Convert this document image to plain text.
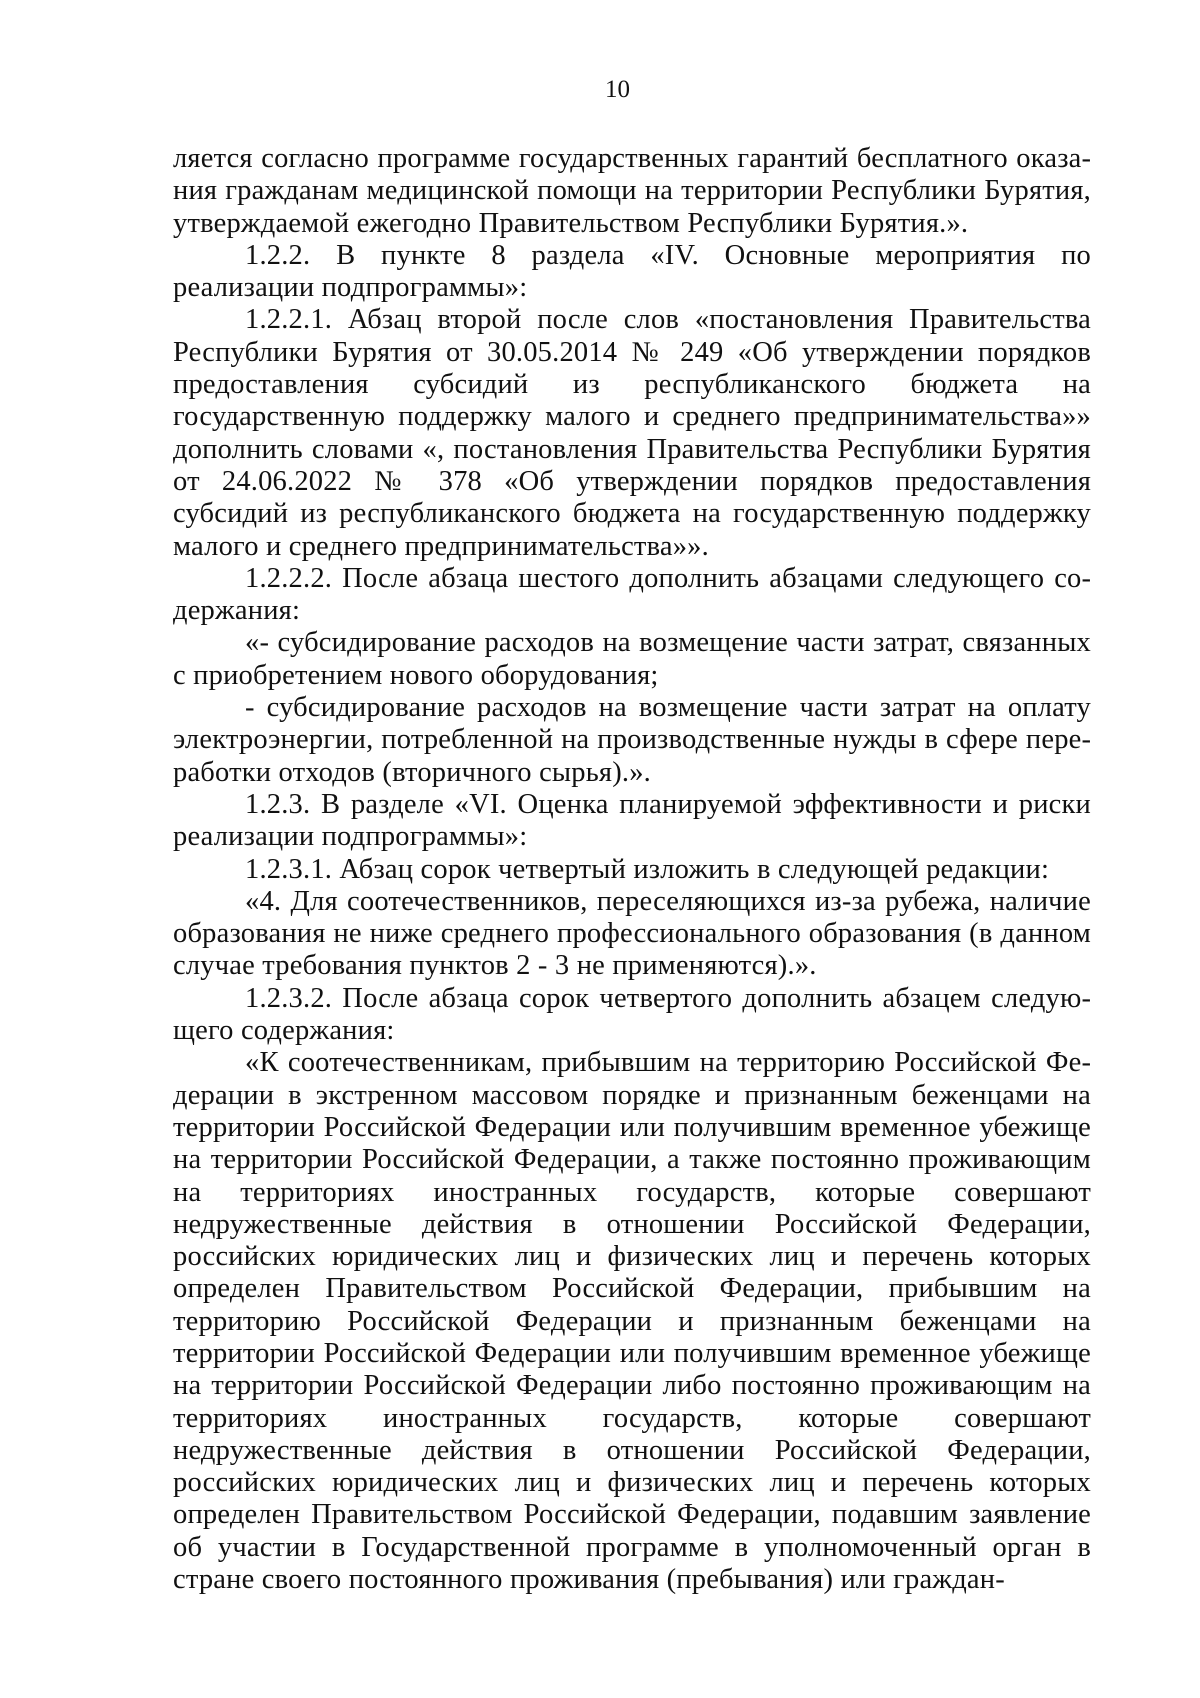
10

ляется согласно программе государственных гарантий бесплатного оказания гражданам медицинской помощи на территории Республики Бурятия, утверждаемой ежегодно Правительством Республики Бурятия.».

1.2.2. В пункте 8 раздела «IV. Основные мероприятия по реализации подпрограммы»:

1.2.2.1. Абзац второй после слов «постановления Правительства Республики Бурятия от 30.05.2014 № 249 «Об утверждении порядков предоставления субсидий из республиканского бюджета на государственную поддержку малого и среднего предпринимательства»» дополнить словами «, постановления Правительства Республики Бурятия от 24.06.2022 № 378 «Об утверждении порядков предоставления субсидий из республиканского бюджета на государственную поддержку малого и среднего предпринимательства»».

1.2.2.2. После абзаца шестого дополнить абзацами следующего содержания:

«- субсидирование расходов на возмещение части затрат, связанных с приобретением нового оборудования;

- субсидирование расходов на возмещение части затрат на оплату электроэнергии, потребленной на производственные нужды в сфере переработки отходов (вторичного сырья).».

1.2.3. В разделе «VI. Оценка планируемой эффективности и риски реализации подпрограммы»:

1.2.3.1. Абзац сорок четвертый изложить в следующей редакции:

«4. Для соотечественников, переселяющихся из-за рубежа, наличие образования не ниже среднего профессионального образования (в данном случае требования пунктов 2 - 3 не применяются).».

1.2.3.2. После абзаца сорок четвертого дополнить абзацем следующего содержания:

«К соотечественникам, прибывшим на территорию Российской Федерации в экстренном массовом порядке и признанным беженцами на территории Российской Федерации или получившим временное убежище на территории Российской Федерации, а также постоянно проживающим на территориях иностранных государств, которые совершают недружественные действия в отношении Российской Федерации, российских юридических лиц и физических лиц и перечень которых определен Правительством Российской Федерации, прибывшим на территорию Российской Федерации и признанным беженцами на территории Российской Федерации или получившим временное убежище на территории Российской Федерации либо постоянно проживающим на территориях иностранных государств, которые совершают недружественные действия в отношении Российской Федерации, российских юридических лиц и физических лиц и перечень которых определен Правительством Российской Федерации, подавшим заявление об участии в Государственной программе в уполномоченный орган в стране своего постоянного проживания (пребывания) или граждан-
